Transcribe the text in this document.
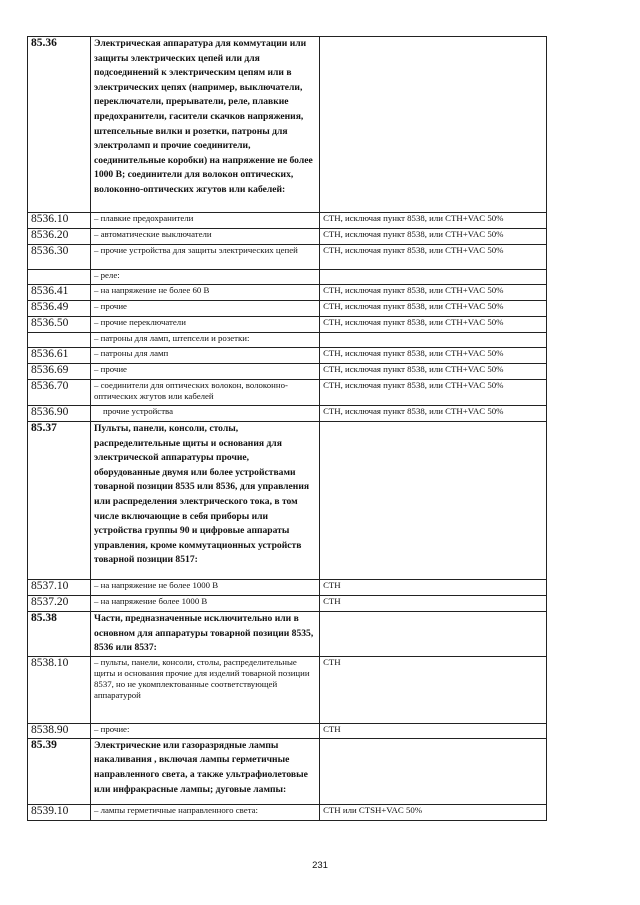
85.36	Электрическая аппаратура для коммутации или защиты электрических цепей или для подсоединений к электрическим цепям или в электрических цепях (например, выключатели, переключатели, прерыватели, реле, плавкие предохранители, гасители скачков напряжения, штепсельные вилки и розетки, патроны для электроламп и прочие соединители, соединительные коробки) на напряжение не более 1000 В; соединители для волокон оптических, волоконно-оптических жгутов или кабелей:	
8536.10	– плавкие предохранители	СТН, исключая пункт 8538, или СТН+VAC 50%
8536.20	– автоматические выключатели	СТН, исключая пункт 8538, или СТН+VAC 50%
8536.30	– прочие устройства для защиты электрических цепей	СТН, исключая пункт 8538, или СТН+VAC 50%
	– реле:	
8536.41	– на напряжение не более 60 В	СТН, исключая пункт 8538, или СТН+VAC 50%
8536.49	– прочие	СТН, исключая пункт 8538, или СТН+VAC 50%
8536.50	– прочие переключатели	СТН, исключая пункт 8538, или СТН+VAC 50%
	– патроны для ламп, штепсели и розетки:	
8536.61	– патроны для ламп	СТН, исключая пункт 8538, или СТН+VAC 50%
8536.69	– прочие	СТН, исключая пункт 8538, или СТН+VAC 50%
8536.70	– соединители для оптических волокон, волоконно-оптических жгутов или кабелей	СТН, исключая пункт 8538, или СТН+VAC 50%
8536.90	прочие устройства	СТН, исключая пункт 8538, или СТН+VAC 50%
85.37	Пульты, панели, консоли, столы, распределительные щиты и основания для электрической аппаратуры прочие, оборудованные двумя или более устройствами товарной позиции 8535 или 8536, для управления или распределения электрического тока, в том числе включающие в себя приборы или устройства группы 90 и цифровые аппараты управления, кроме коммутационных устройств товарной позиции 8517:	
8537.10	– на напряжение не более 1000 В	СТН
8537.20	– на напряжение более 1000 В	СТН
85.38	Части, предназначенные исключительно или в основном для аппаратуры товарной позиции 8535, 8536 или 8537:	
8538.10	– пульты, панели, консоли, столы, распределительные щиты и основания прочие для изделий товарной позиции 8537, но не укомплектованные соответствующей аппаратурой	СТН
8538.90	– прочие:	СТН
85.39	Электрические или газоразрядные лампы накаливания , включая лампы герметичные направленного света, а также ультрафиолетовые или инфракрасные лампы; дуговые лампы:	
8539.10	– лампы герметичные направленного света:	СТН или CTSH+VAC 50%
231
